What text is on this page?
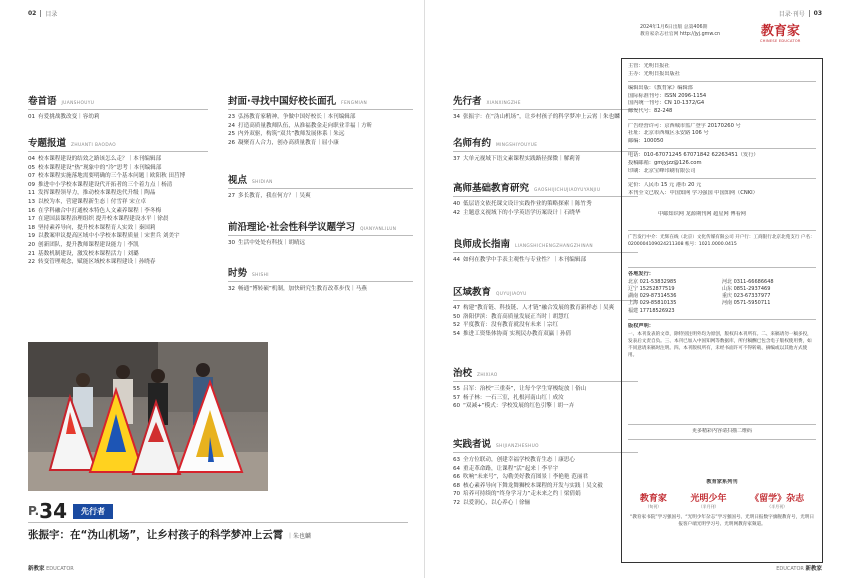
02 目录
卷首语 JUANSHOUYU
01 有爱挑战教改变｜容幼莉
专题报道 ZHUANTI BAODAO
04 校本课程建设的结效之路该怎么走？｜本刊编辑部
05 校本课程建设“热”现象中的“冷”思考｜本刊编辑部
07 校本课程实施落地需要明确的三个基本问题｜欧阳秋 田莒博
09 推进中小学校本课程建设代开拓者的三个着力点｜杨清
11 发挥课程领导力，推动校本课程迭代升级｜陶晶
13 以校为本，营建课程新生态｜付雪祥 宋立卓
16 在学科融合中打通校本特色人文素养课程｜李冬梅
17 在建国县课程治理组织 提升校本课程建设水平｜徐晨
18 坚持素养导向，提升校本课程育人实效｜秦国莉
19 以教案审议提高区域中小学校本课程质量｜宋世兵 刘美宇
20 创新团队，提升教师课程建设能力｜李凯
21 基数机制建设，激发校本课程活力｜刘璐
22 转变管理观念，赋能区域校本课程建设｜孙晓春
封面·寻找中国好校长面孔 FENGMIAN
23 弘扬教育家精神，争做中国好校长｜本刊编辑部
24 打造高质量教师队伍，从准福教金走向职业幸福｜方昕
25 内外双驱，构筑“双共”教师发展体系｜朱远
26 凝聚育人合力，创办高质量教育｜屈小康
视点 SHIDIAN
27 多长教育，我在何方？｜吴爽
前沿理论·社会性科学议题学习 QIANYANLILUN
30 生活中处处有科技｜胡晴远
时势 SHISHI
32 畅通“博转硕”机制，加快研究生教育改革步伐｜马燕
P. 34	先行者
张振宇：在“沩山机场”，让乡村孩子的科学梦冲上云霄 ｜朱也麟
新教家 EDUCATOR
目录·刊号 03
先行者 XIANXINGZHE
34 张振宇：在“沩山机场”，让乡村孩子的科学梦冲上云霄｜朱也麟
名师有约 MINGSHIYOUYUE
37 大单元视域下语文素课程实践路径探微｜解莉菁
高师基础教育研究 GAOSHIJICHUJIAOYUYANJIU
40 低层语文依托课文设计实践作业的策略探索｜陈竹秀
42 主题意义视域下的小学英语学历案设计｜石晓华
良师成长指南 LIANGSHICHENGZHANGZHINAN
44 如何在教学中手表主观性与专业性？｜本刊编辑部
区域教育 QUYUJIAOYU
47 构建“教育链、科技链、人才链”融合发展的教育新样态｜吴爽
50 洛阳伊滨：教育高质量发展正当时｜胡慧红
52 平度教育：没有教育就没有未来｜宗红
54 推进工资集体协商 实现民办教育双赢｜孙倩
治校 ZHIXIAO
55 吕军：治校“三重奏”，让每个学生穿梭绽放｜俗山
57 杨子林：一石三室，扎根河南山红｜成汝
60 “双减+”模式：学校发展的红色引擎｜胡一卉
实践者说 SHIJIANZHESHUO
63 全方位联动，创建幸福学校教育生态｜康思心
64 重走革命路，让课程“活”起来｜李平宇
66 吹响“未来号”，勾勒美好教育图景｜李艳艳 范丽君
68 核心素养导向下舞龙舞狮校本课程的开发与实践｜吴文毅
70 培养可持续的“终身学习力”走未来之约｜梁倩娟
72 以爱润心，以心养心｜徐俪
2024年1月6日出版 总第406期
教育家杂志社官网 http://jyj.gmw.cn	教育家
CHINESE EDUCATOR
主管：光明日报社
主办：光明日报出版社
编辑出版：《教育家》编辑部
国际标准刊号：ISSN 2096-1154
国内统一刊号：CN 10-1372/G4
邮发代号：82-248
广告经营许可：京西城市监广登字 20170260 号
社址：北京市西城区永安路 106 号
邮编：100050
电话：010-67071245 67071842 62263451（发行）
投稿邮箱：gmjyjzz@126.com
印刷：北京宝峰印刷有限公司
定价：人民币 15 元 港币 20 元
本刊全文已收入：中国知网 学习强国 中国知网（CNKI）
中邮知识网 龙源期刊网 超星网 博看网
广告发行中介：光辉在线（北京）文化传媒有限公司 开户行：工商银行北京北苑支行 户名：0200004109024211308 帐号：1021.0000.0415
各地发行：
北京 021-53832985	河北 0311-66686648
辽宁 15252877519	山东 0851-2937469
湖南 029-87314536	重庆 023-67337977
上海 029-85810135	河南 0571-5950711
福建 17718526923
版权声明：
一、本刊发表的文章，除特别注明外均为原创，版权归本刊所有。二、来稿请勿一稿多投，发表后文责自负。三、本刊已加入中国知网等数据库，所付稿酬已包含电子版权使用费，如不同意请来稿时注明。四、本刊版权所有，未经书面许可不得转载、摘编或以其他方式使用。
更多精彩内容请扫描二维码
教育家系列刊
教育家
（旬刊）
光明少年
（半月刊）
《留学》杂志
（半月刊）
“教育家书院”学习强国号、“光明少年杂志”学习强国号、光明日报数字旗舰教育号，光明日报客户端光明学习号、光明网教育家频道。
EDUCATOR 新教家
